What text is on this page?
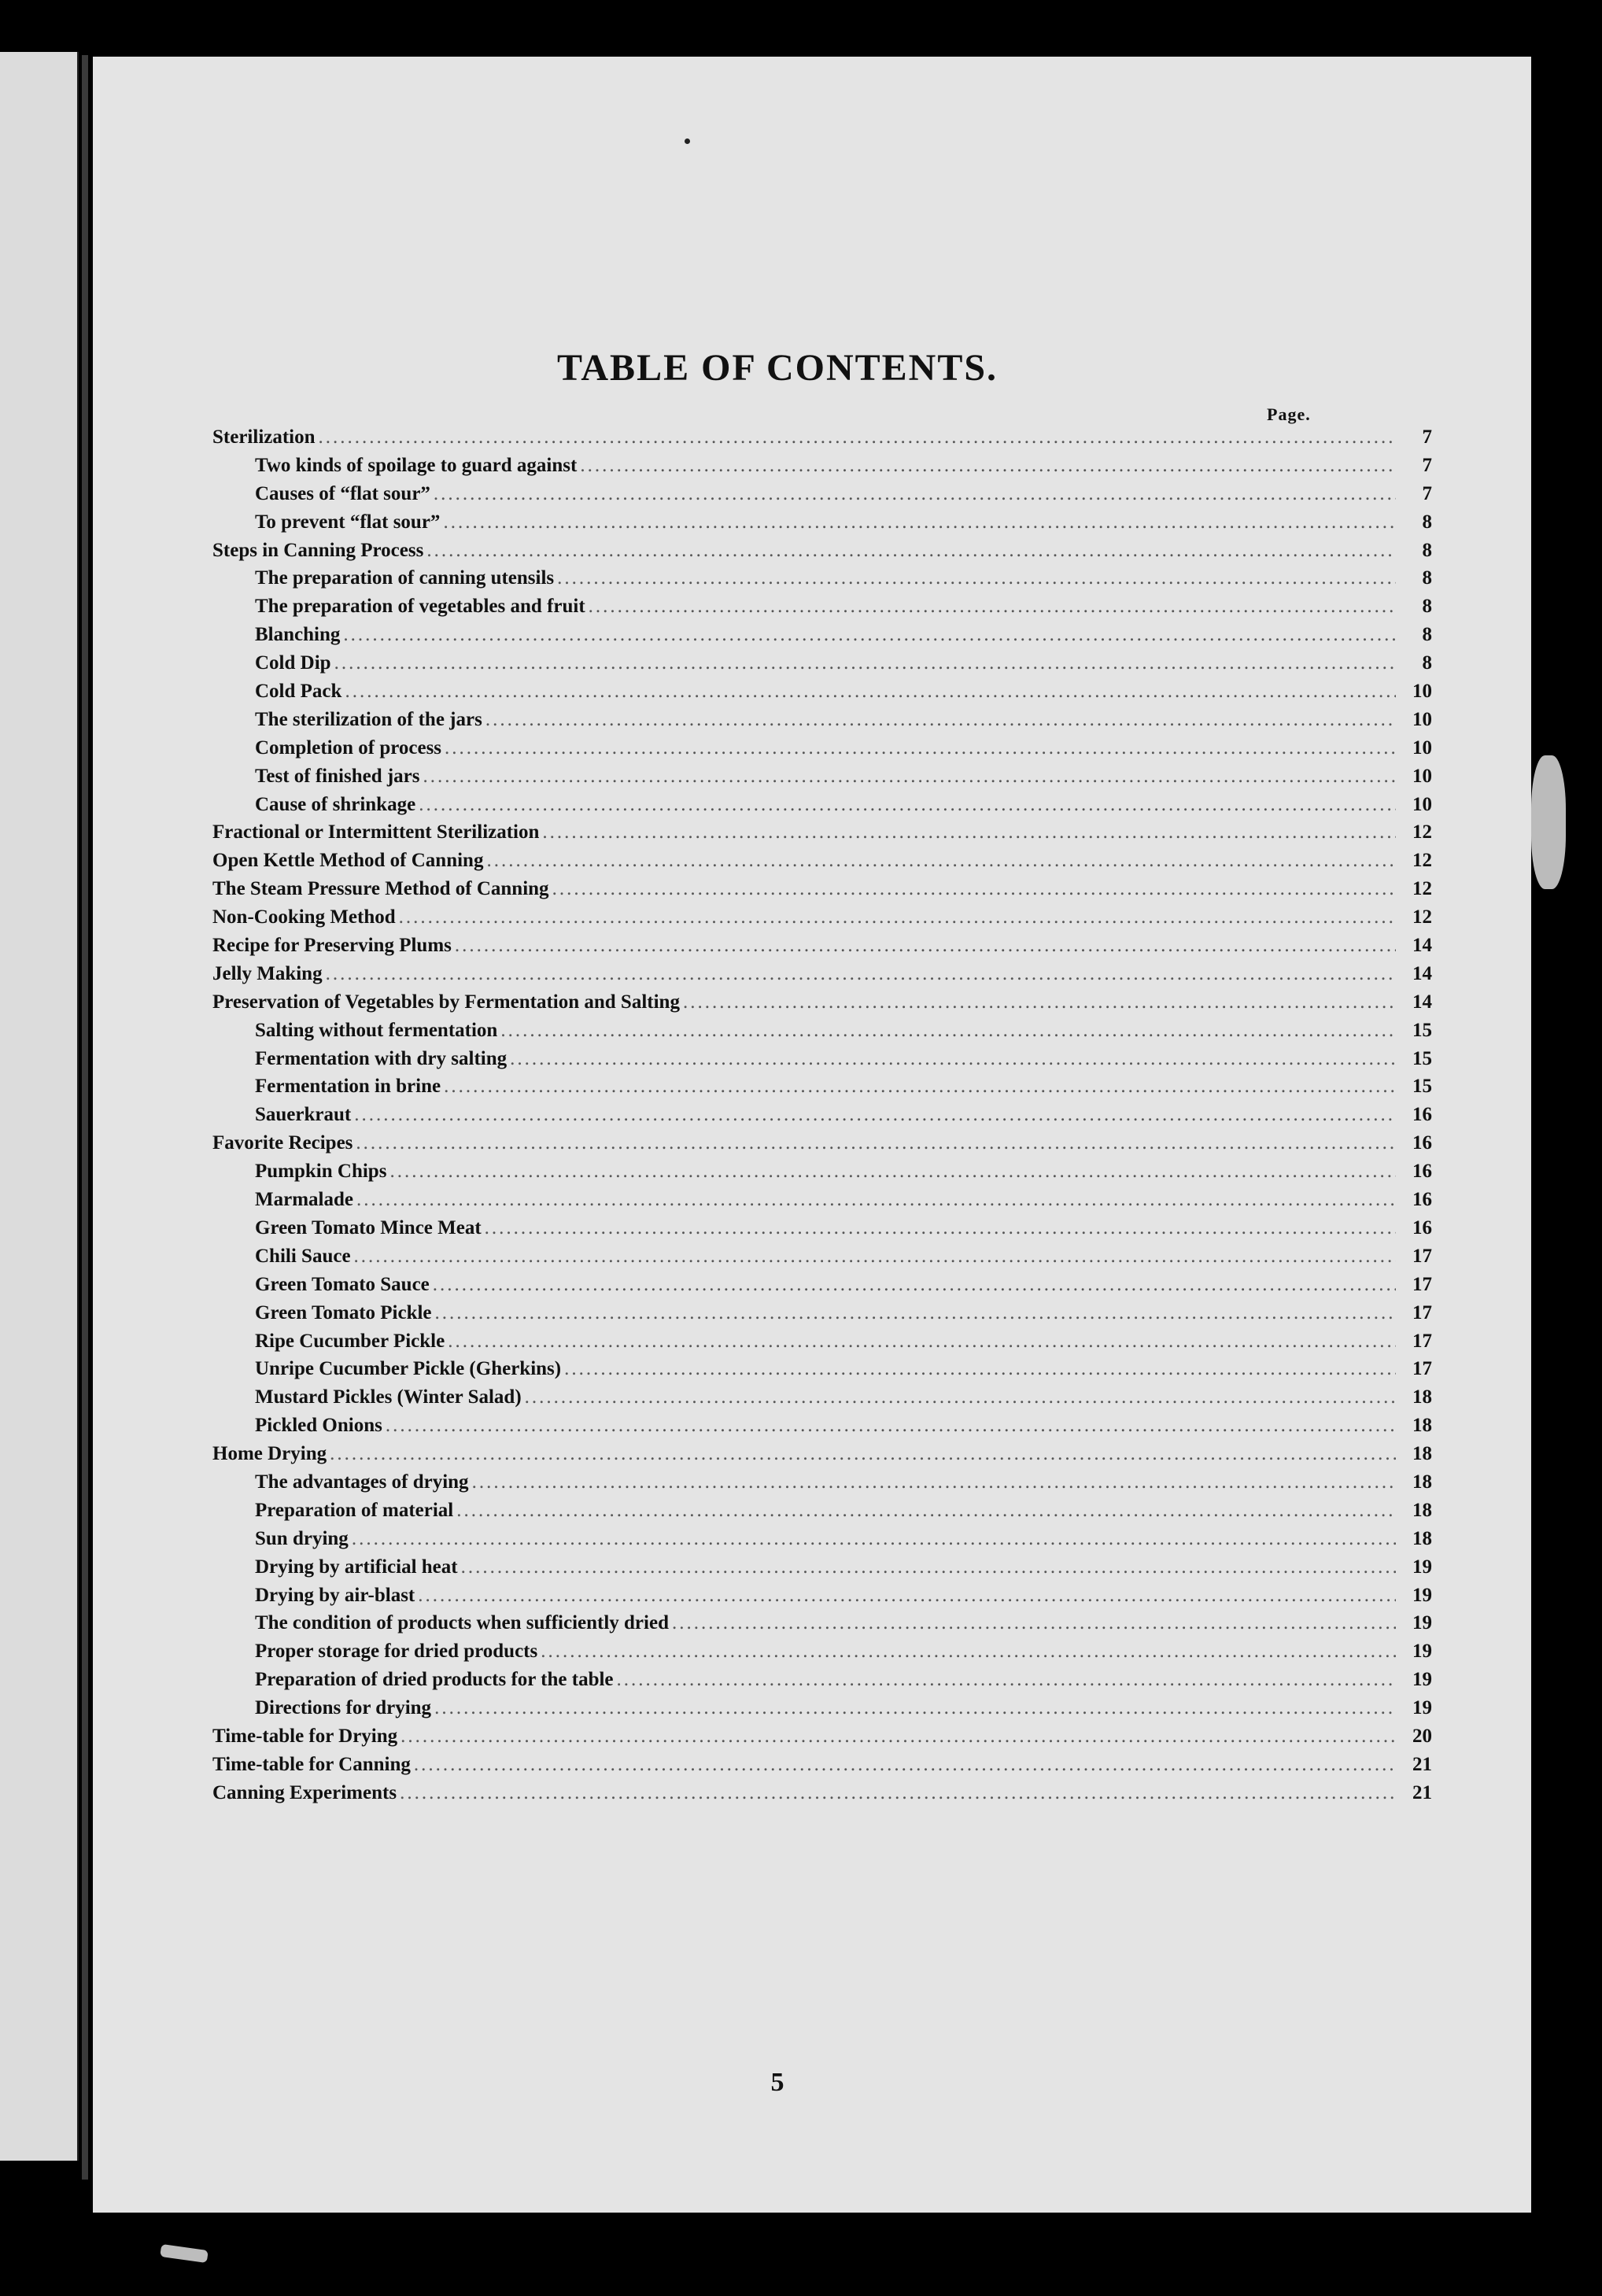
TABLE OF CONTENTS.
Page.
Sterilization .....	7
Two kinds of spoilage to guard against .....	7
Causes of “flat sour” .....	7
To prevent “flat sour” .....	8
Steps in Canning Process .....	8
The preparation of canning utensils .....	8
The preparation of vegetables and fruit .....	8
Blanching .....	8
Cold Dip .....	8
Cold Pack .....	10
The sterilization of the jars .....	10
Completion of process .....	10
Test of finished jars .....	10
Cause of shrinkage .....	10
Fractional or Intermittent Sterilization .....	12
Open Kettle Method of Canning .....	12
The Steam Pressure Method of Canning .....	12
Non-Cooking Method .....	12
Recipe for Preserving Plums .....	14
Jelly Making .....	14
Preservation of Vegetables by Fermentation and Salting .....	14
Salting without fermentation .....	15
Fermentation with dry salting .....	15
Fermentation in brine .....	15
Sauerkraut .....	16
Favorite Recipes .....	16
Pumpkin Chips .....	16
Marmalade .....	16
Green Tomato Mince Meat .....	16
Chili Sauce .....	17
Green Tomato Sauce .....	17
Green Tomato Pickle .....	17
Ripe Cucumber Pickle .....	17
Unripe Cucumber Pickle (Gherkins) .....	17
Mustard Pickles (Winter Salad) .....	18
Pickled Onions .....	18
Home Drying .....	18
The advantages of drying .....	18
Preparation of material .....	18
Sun drying .....	18
Drying by artificial heat .....	19
Drying by air-blast .....	19
The condition of products when sufficiently dried .....	19
Proper storage for dried products .....	19
Preparation of dried products for the table .....	19
Directions for drying .....	19
Time-table for Drying .....	20
Time-table for Canning .....	21
Canning Experiments .....	21
5
